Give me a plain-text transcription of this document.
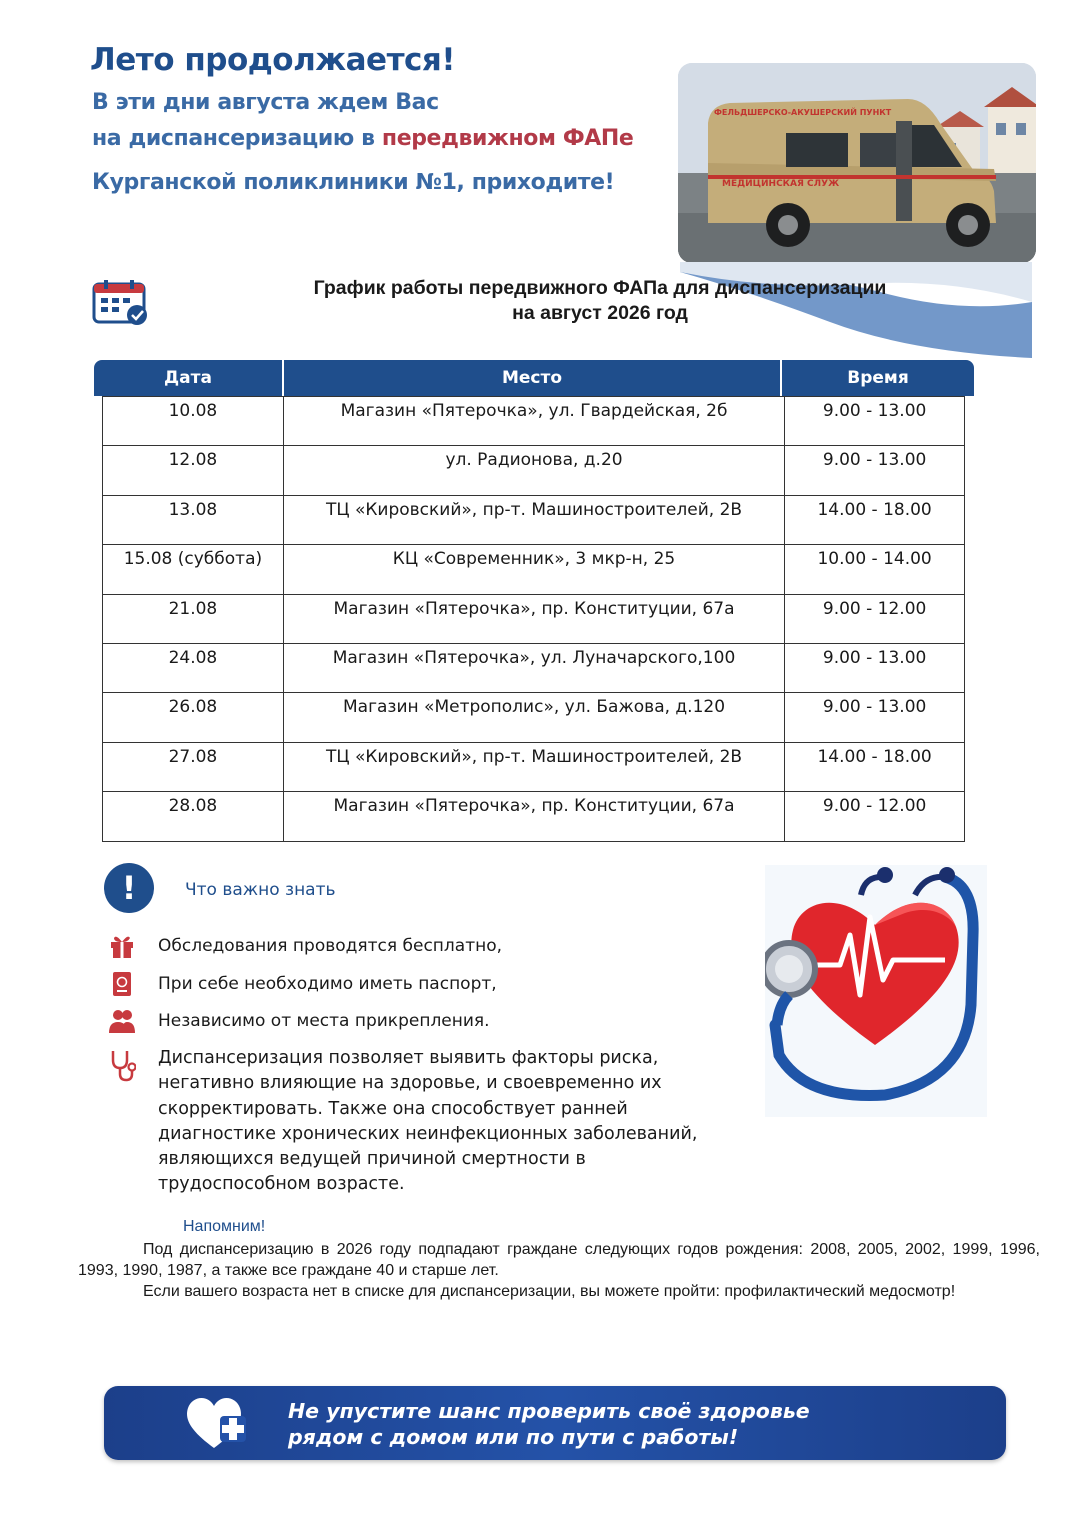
Лето продолжается!
В эти дни августа ждем Вас
на диспансеризацию в передвижном ФАПе
Курганской поликлиники №1, приходите!	МЕДИЦИНСКАЯ СЛУЖ
ФЕЛЬДШЕРСКО-АКУШЕРСКИЙ ПУНКТ
График работы передвижного ФАПа для диспансеризации
на август 2026 год
Дата	Место	Время
10.08	Магазин «Пятерочка», ул. Гвардейская, 2б	9.00 - 13.00
12.08	ул. Радионова, д.20	9.00 - 13.00
13.08	ТЦ «Кировский», пр-т. Машиностроителей, 2В	14.00 - 18.00
15.08 (суббота)	КЦ «Современник», 3 мкр-н, 25	10.00 - 14.00
21.08	Магазин «Пятерочка», пр. Конституции, 67а	9.00 - 12.00
24.08	Магазин «Пятерочка», ул. Луначарского,100	9.00 - 13.00
26.08	Магазин «Метрополис», ул. Бажова, д.120	9.00 - 13.00
27.08	ТЦ «Кировский», пр-т. Машиностроителей, 2В	14.00 - 18.00
28.08	Магазин «Пятерочка», пр. Конституции, 67а	9.00 - 12.00
!	Что важно знать
Обследования проводятся бесплатно,
При себе необходимо иметь паспорт,
Независимо от места прикрепления.
Диспансеризация позволяет выявить факторы риска,
негативно влияющие на здоровье, и своевременно их
скорректировать. Также она способствует ранней
диагностике хронических неинфекционных заболеваний,
являющихся ведущей причиной смертности в
трудоспособном возрасте.
Напомним!
Под диспансеризацию в 2026 году подпадают граждане следующих годов рождения: 2008, 2005, 2002, 1999, 1996, 1993, 1990, 1987, а также все граждане 40 и старше лет.
Если вашего возраста нет в списке для диспансеризации, вы можете пройти: профилактический медосмотр!
Не упустите шанс проверить своё здоровье
рядом с домом или по пути с работы!
